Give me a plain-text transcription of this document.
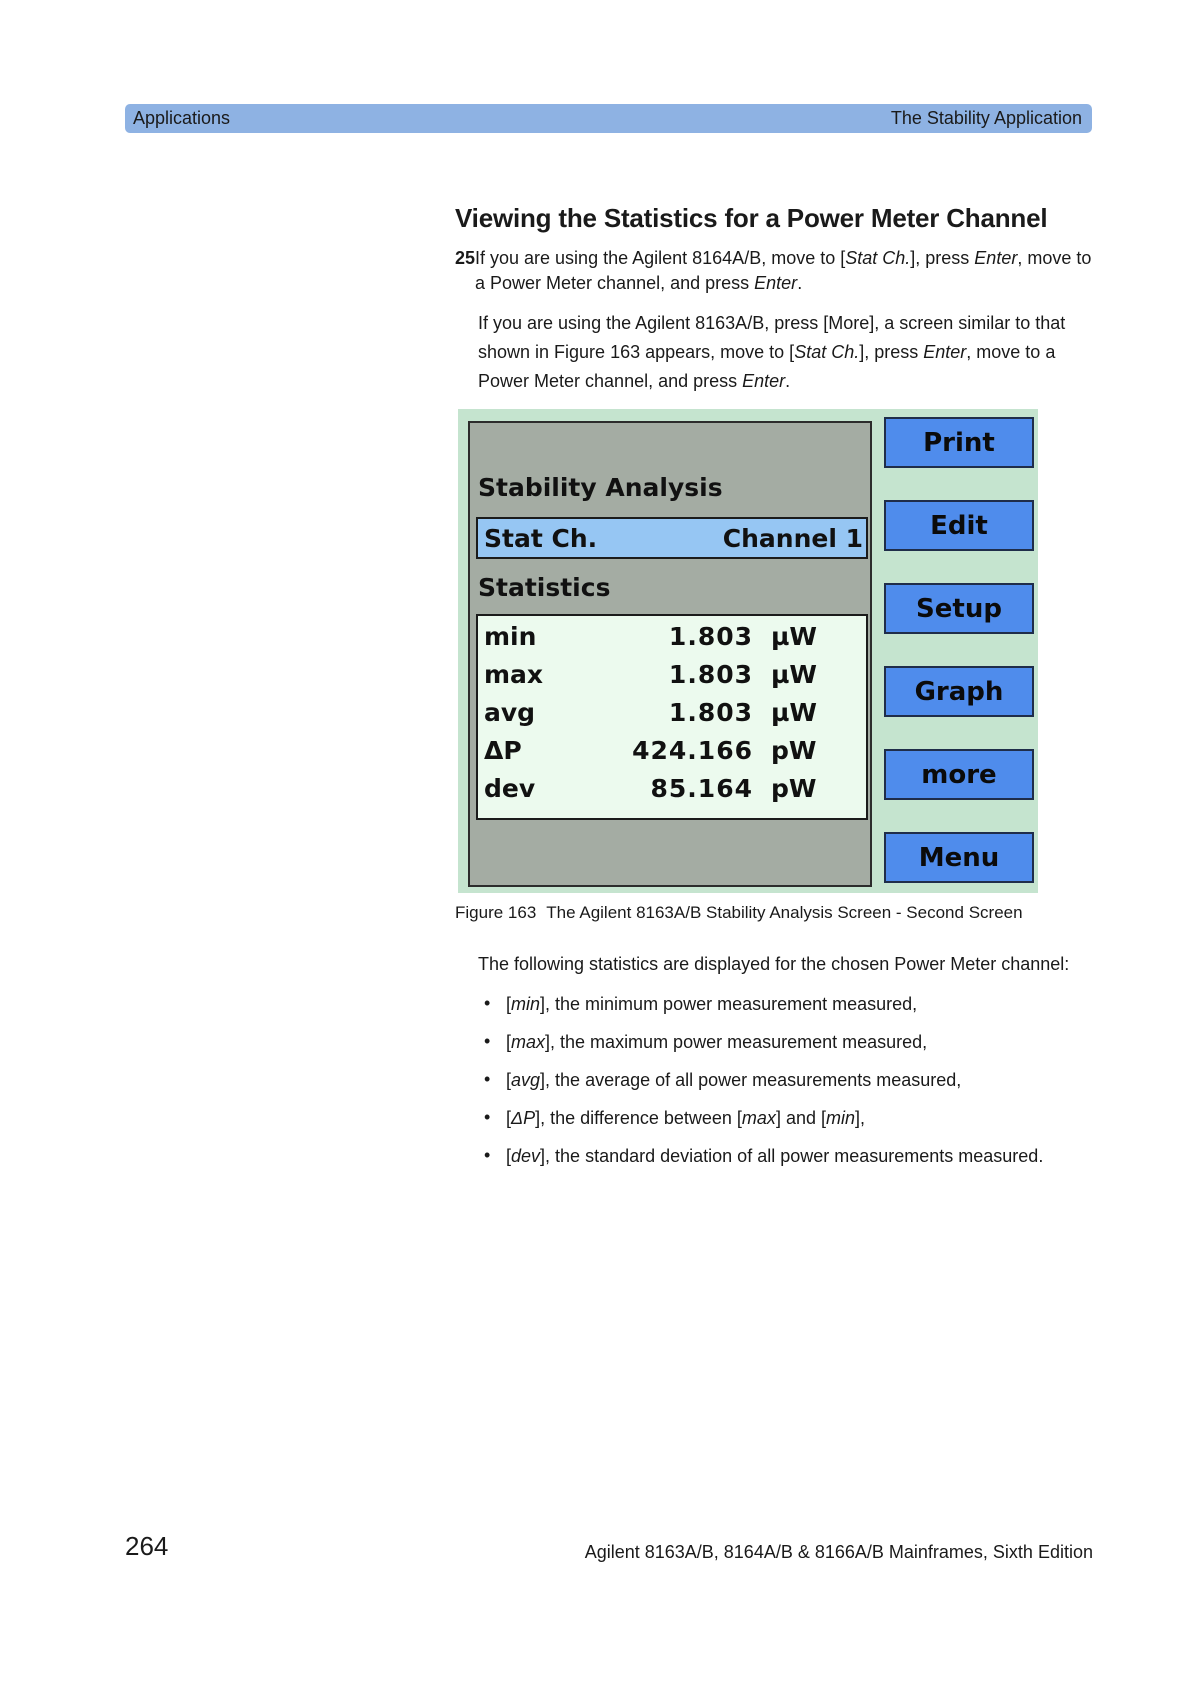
Applications	The Stability Application
Viewing the Statistics for a Power Meter Channel
25 If you are using the Agilent 8164A/B, move to [Stat Ch.], press Enter, move to a Power Meter channel, and press Enter.
If you are using the Agilent 8163A/B, press [More], a screen similar to that shown in Figure 163 appears, move to [Stat Ch.], press Enter, move to a Power Meter channel, and press Enter.
Stability Analysis
Stat Ch.	Channel 1
Statistics
min	1.803 µW
max	1.803 µW
avg	1.803 µW
ΔP	424.166 pW
dev	85.164 pW
Print
Edit
Setup
Graph
more
Menu
Figure 163 The Agilent 8163A/B Stability Analysis Screen - Second Screen
The following statistics are displayed for the chosen Power Meter channel:
• [min], the minimum power measurement measured,
• [max], the maximum power measurement measured,
• [avg], the average of all power measurements measured,
• [ΔP], the difference between [max] and [min],
• [dev], the standard deviation of all power measurements measured.
264	Agilent 8163A/B, 8164A/B & 8166A/B Mainframes, Sixth Edition
